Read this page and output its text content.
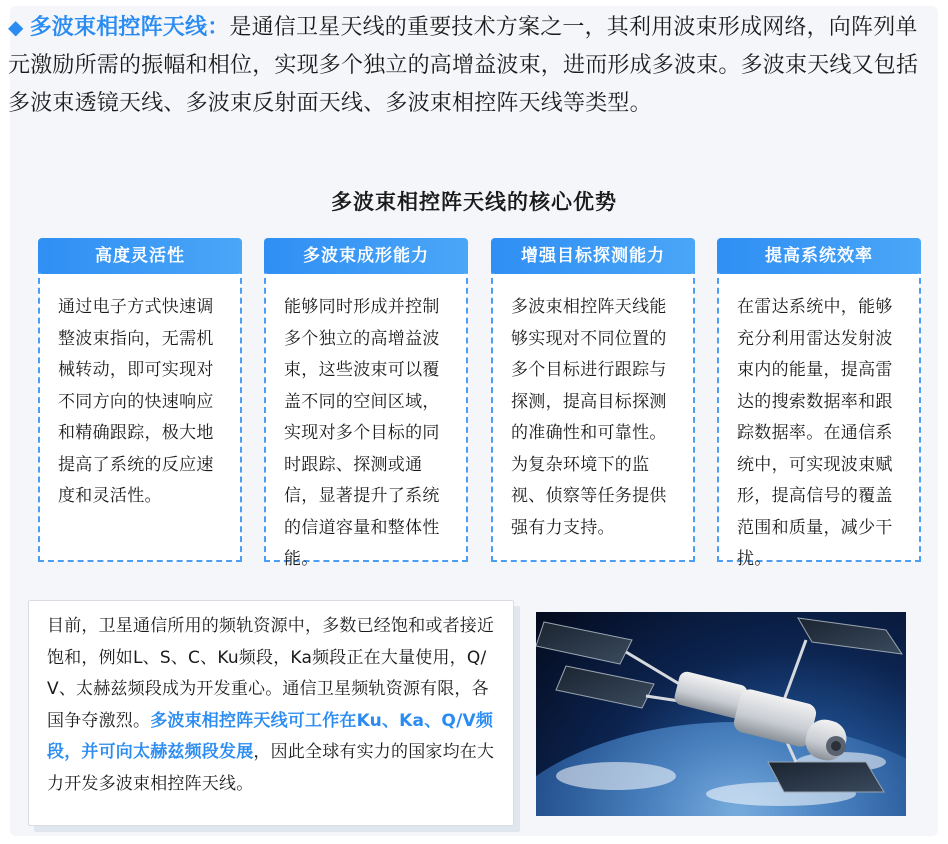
◆ 多波束相控阵天线：是通信卫星天线的重要技术方案之一，其利用波束形成网络，向阵列单元激励所需的振幅和相位，实现多个独立的高增益波束，进而形成多波束。多波束天线又包括多波束透镜天线、多波束反射面天线、多波束相控阵天线等类型。
多波束相控阵天线的核心优势
通过电子方式快速调整波束指向，无需机械转动，即可实现对不同方向的快速响应和精确跟踪，极大地提高了系统的反应速度和灵活性。
高度灵活性
能够同时形成并控制多个独立的高增益波束，这些波束可以覆盖不同的空间区域，实现对多个目标的同时跟踪、探测或通信，显著提升了系统的信道容量和整体性能。
多波束成形能力
多波束相控阵天线能够实现对不同位置的多个目标进行跟踪与探测，提高目标探测的准确性和可靠性。为复杂环境下的监视、侦察等任务提供强有力支持。
增强目标探测能力
在雷达系统中，能够充分利用雷达发射波束内的能量，提高雷达的搜索数据率和跟踪数据率。在通信系统中，可实现波束赋形，提高信号的覆盖范围和质量，减少干扰。
提高系统效率
目前，卫星通信所用的频轨资源中，多数已经饱和或者接近饱和，例如L、S、C、Ku频段，Ka频段正在大量使用，Q/V、太赫兹频段成为开发重心。通信卫星频轨资源有限，各国争夺激烈。多波束相控阵天线可工作在Ku、Ka、Q/V频段，并可向太赫兹频段发展，因此全球有实力的国家均在大力开发多波束相控阵天线。
